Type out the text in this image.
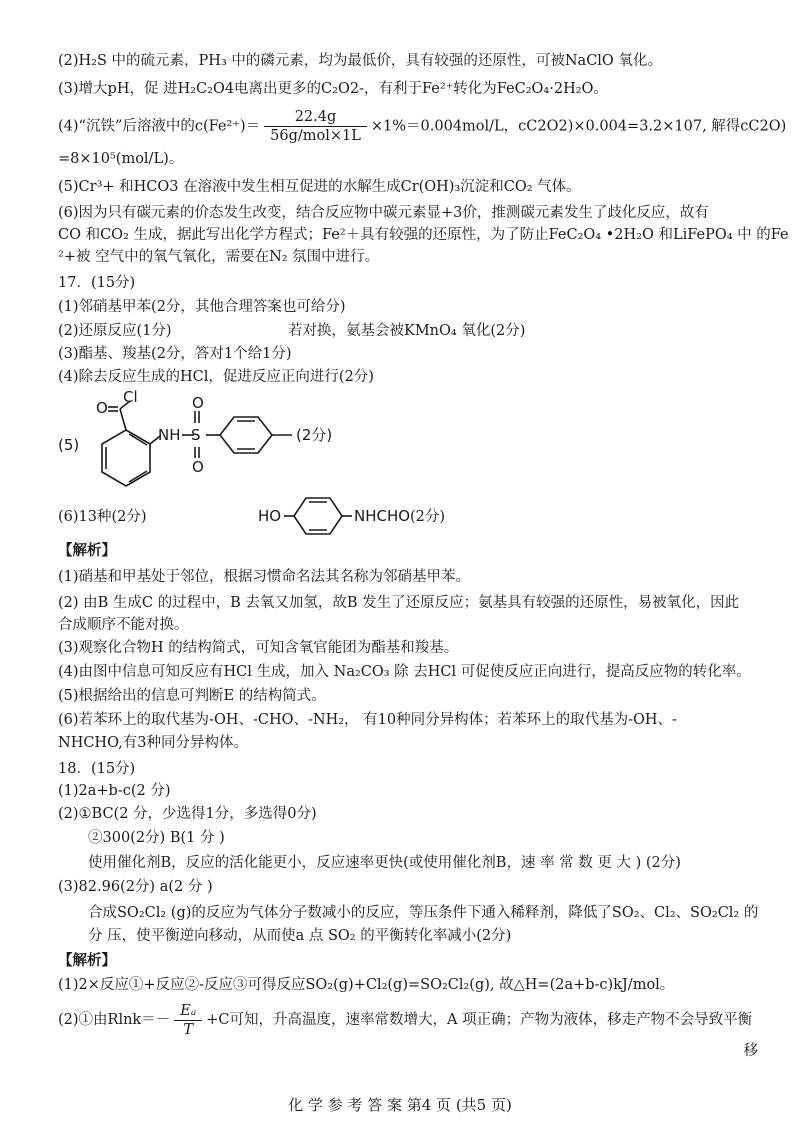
(2)H₂S 中的硫元素，PH₃ 中的磷元素，均为最低价，具有较强的还原性，可被NaClO 氧化。
(3)增大pH，促 进H₂C₂O4电离出更多的C₂O2-，有利于Fe²⁺转化为FeC₂O₄·2H₂O。
(4)“沉铁”后溶液中的$c(Fe^{2+})= \frac{22.4g}{\text{56g/mol×1L}} \times 1\%=0.004mol/L$，cC2O2)×0.004=3.2×107, 解得cC2O)
=8×10⁵(mol/L)。
(5)Cr³+ 和HCO3 在溶液中发生相互促进的水解生成Cr(OH)₃沉淀和CO₂ 气体。
(6)因为只有碳元素的价态发生改变，结合反应物中碳元素显+3价，推测碳元素发生了歧化反应，故有
CO 和CO₂ 生成，据此写出化学方程式；Fe²＋具有较强的还原性，为了防止FeC₂O₄ •2H₂O 和LiFePO₄ 中 的Fe
²+被 空气中的氧气氧化，需要在N₂ 氛围中进行。
17．(15分)
(1)邻硝基甲苯(2分，其他合理答案也可给分)
(2)还原反应(1分)	若对换，氨基会被KMnO₄ 氧化(2分)
(3)酯基、羧基(2分，答对1个给1分)
(4)除去反应生成的HCl，促进反应正向进行(2分)
(5)
O
Cl
NH S
O
O
(2分)
(6)13种(2分)	HO	NHCHO (2分)
【解析】
(1)硝基和甲基处于邻位，根据习惯命名法其名称为邻硝基甲苯。
(2) 由B 生成C 的过程中，B 去氧又加氢，故B 发生了还原反应；氨基具有较强的还原性，易被氧化，因此
合成顺序不能对换。
(3)观察化合物H 的结构简式，可知含氧官能团为酯基和羧基。
(4)由图中信息可知反应有HCl 生成，加入 Na₂CO₃ 除 去HCl 可促使反应正向进行，提高反应物的转化率。
(5)根据给出的信息可判断E 的结构简式。
(6)若苯环上的取代基为-OH、-CHO、-NH₂， 有10种同分异构体；若苯环上的取代基为-OH、-
NHCHO,有3种同分异构体。
18．(15分)
(1)2a+b-c(2 分)
(2)①BC(2 分，少选得1分，多选得0分)
②300(2分) B(1 分 )
使用催化剂B，反应的活化能更小，反应速率更快(或使用催化剂B，速 率 常 数 更 大 ) (2分)
(3)82.96(2分) a(2 分 )
合成SO₂Cl₂ (g)的反应为气体分子数减小的反应，等压条件下通入稀释剂，降低了SO₂、Cl₂、SO₂Cl₂ 的
分 压，使平衡逆向移动，从而使a 点 SO₂ 的平衡转化率减小(2分)
【解析】
(1)2×反应①+反应②-反应③可得反应SO₂(g)+Cl₂(g)=SO₂Cl₂(g), 故△H=(2a+b-c)kJ/mol。
(2)①由$Rlnk=- \frac{\text{Eₐ}}{T} +C$可知，升高温度，速率常数增大，A 项正确；产物为液体，移走产物不会导致平衡
移
化 学 参 考 答 案 第4 页 (共5 页)
